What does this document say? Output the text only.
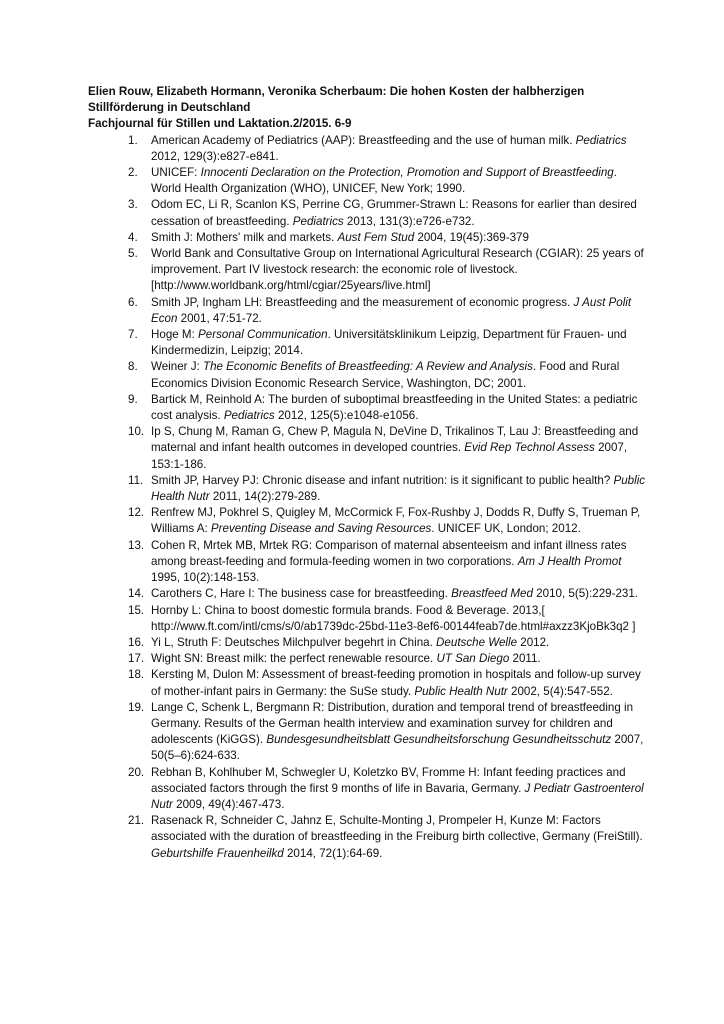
Elien Rouw, Elizabeth Hormann, Veronika Scherbaum: Die hohen Kosten der halbherzigen Stillförderung in Deutschland

Fachjournal für Stillen und Laktation.2/2015. 6-9

1. American Academy of Pediatrics (AAP): Breastfeeding and the use of human milk. Pediatrics 2012, 129(3):e827-e841.
2. UNICEF: Innocenti Declaration on the Protection, Promotion and Support of Breastfeeding. World Health Organization (WHO), UNICEF, New York; 1990.
3. Odom EC, Li R, Scanlon KS, Perrine CG, Grummer-Strawn L: Reasons for earlier than desired cessation of breastfeeding. Pediatrics 2013, 131(3):e726-e732.
4. Smith J: Mothers' milk and markets. Aust Fem Stud 2004, 19(45):369-379
5. World Bank and Consultative Group on International Agricultural Research (CGIAR): 25 years of improvement. Part IV livestock research: the economic role of livestock. [http://www.worldbank.org/html/cgiar/25years/live.html]
6. Smith JP, Ingham LH: Breastfeeding and the measurement of economic progress. J Aust Polit Econ 2001, 47:51-72.
7. Hoge M: Personal Communication. Universitätsklinikum Leipzig, Department für Frauen- und Kindermedizin, Leipzig; 2014.
8. Weiner J: The Economic Benefits of Breastfeeding: A Review and Analysis. Food and Rural Economics Division Economic Research Service, Washington, DC; 2001.
9. Bartick M, Reinhold A: The burden of suboptimal breastfeeding in the United States: a pediatric cost analysis. Pediatrics 2012, 125(5):e1048-e1056.
10. Ip S, Chung M, Raman G, Chew P, Magula N, DeVine D, Trikalinos T, Lau J: Breastfeeding and maternal and infant health outcomes in developed countries. Evid Rep Technol Assess 2007, 153:1-186.
11. Smith JP, Harvey PJ: Chronic disease and infant nutrition: is it significant to public health? Public Health Nutr 2011, 14(2):279-289.
12. Renfrew MJ, Pokhrel S, Quigley M, McCormick F, Fox-Rushby J, Dodds R, Duffy S, Trueman P, Williams A: Preventing Disease and Saving Resources. UNICEF UK, London; 2012.
13. Cohen R, Mrtek MB, Mrtek RG: Comparison of maternal absenteeism and infant illness rates among breast-feeding and formula-feeding women in two corporations. Am J Health Promot 1995, 10(2):148-153.
14. Carothers C, Hare I: The business case for breastfeeding. Breastfeed Med 2010, 5(5):229-231.
15. Hornby L: China to boost domestic formula brands. Food & Beverage. 2013,[ http://www.ft.com/intl/cms/s/0/ab1739dc-25bd-11e3-8ef6-00144feab7de.html#axzz3KjoBk3q2 ]
16. Yi L, Struth F: Deutsches Milchpulver begehrt in China. Deutsche Welle 2012.
17. Wight SN: Breast milk: the perfect renewable resource. UT San Diego 2011.
18. Kersting M, Dulon M: Assessment of breast-feeding promotion in hospitals and follow-up survey of mother-infant pairs in Germany: the SuSe study. Public Health Nutr 2002, 5(4):547-552.
19. Lange C, Schenk L, Bergmann R: Distribution, duration and temporal trend of breastfeeding in Germany. Results of the German health interview and examination survey for children and adolescents (KiGGS). Bundesgesundheitsblatt Gesundheitsforschung Gesundheitsschutz 2007, 50(5–6):624-633.
20. Rebhan B, Kohlhuber M, Schwegler U, Koletzko BV, Fromme H: Infant feeding practices and associated factors through the first 9 months of life in Bavaria, Germany. J Pediatr Gastroenterol Nutr 2009, 49(4):467-473.
21. Rasenack R, Schneider C, Jahnz E, Schulte-Monting J, Prompeler H, Kunze M: Factors associated with the duration of breastfeeding in the Freiburg birth collective, Germany (FreiStill). Geburtshilfe Frauenheilkd 2014, 72(1):64-69.
